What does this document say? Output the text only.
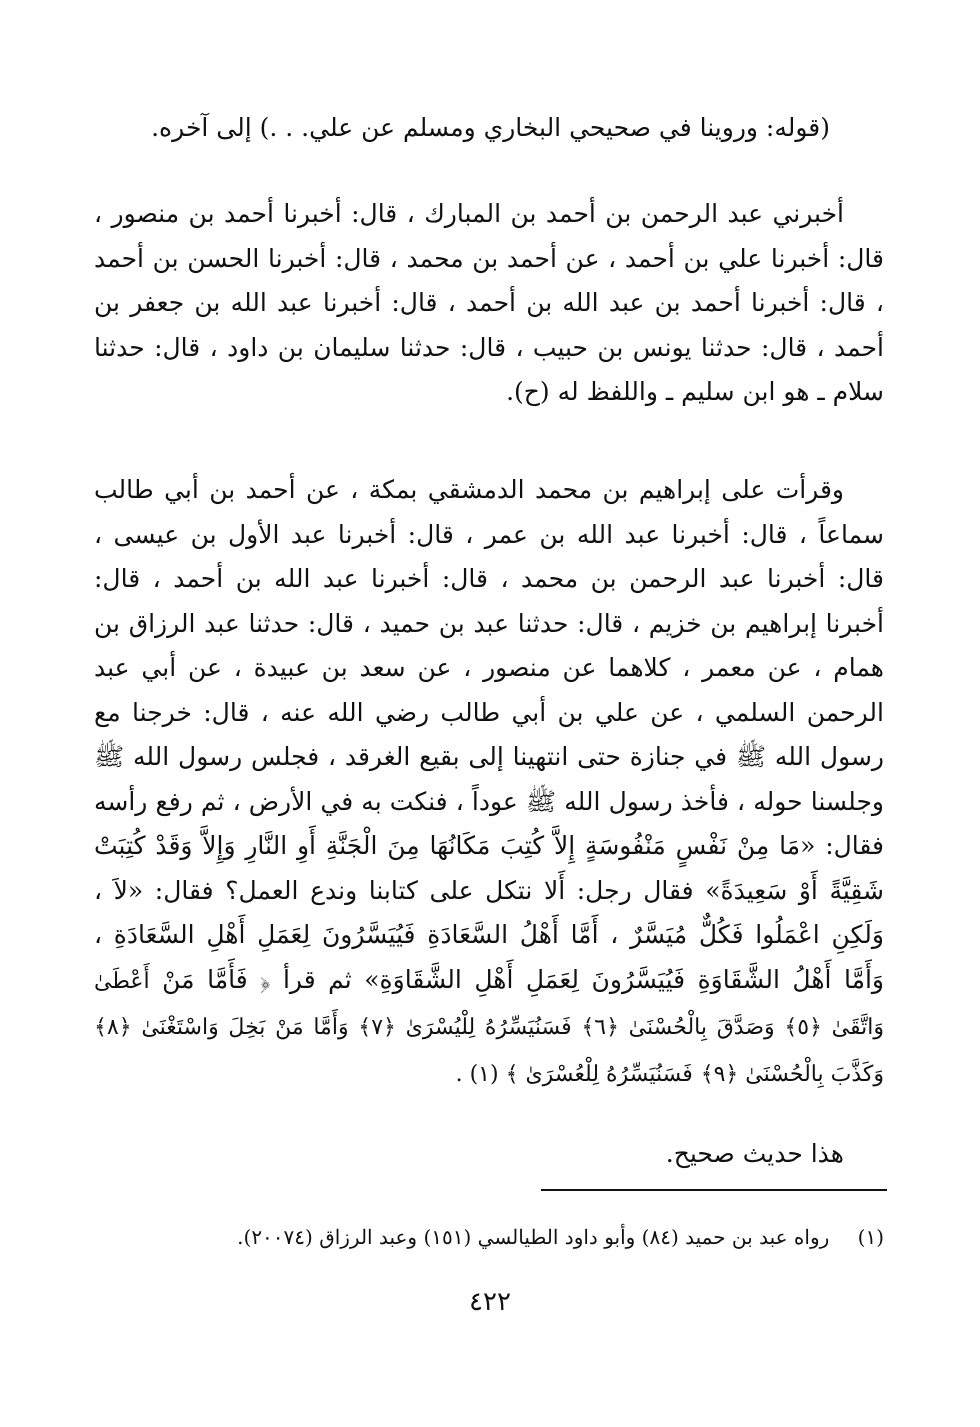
(قوله: وروينا في صحيحي البخاري ومسلم عن علي. . .) إلى آخره.
أخبرني عبد الرحمن بن أحمد بن المبارك ، قال: أخبرنا أحمد بن منصور ، قال: أخبرنا علي بن أحمد ، عن أحمد بن محمد ، قال: أخبرنا الحسن بن أحمد ، قال: أخبرنا أحمد بن عبد الله بن أحمد ، قال: أخبرنا عبد الله بن جعفر بن أحمد ، قال: حدثنا يونس بن حبيب ، قال: حدثنا سليمان بن داود ، قال: حدثنا سلام ـ هو ابن سليم ـ واللفظ له (ح).
وقرأت على إبراهيم بن محمد الدمشقي بمكة ، عن أحمد بن أبي طالب سماعاً ، قال: أخبرنا عبد الله بن عمر ، قال: أخبرنا عبد الأول بن عيسى ، قال: أخبرنا عبد الرحمن بن محمد ، قال: أخبرنا عبد الله بن أحمد ، قال: أخبرنا إبراهيم بن خزيم ، قال: حدثنا عبد بن حميد ، قال: حدثنا عبد الرزاق بن همام ، عن معمر ، كلاهما عن منصور ، عن سعد بن عبيدة ، عن أبي عبد الرحمن السلمي ، عن علي بن أبي طالب رضي الله عنه ، قال: خرجنا مع رسول الله ﷺ في جنازة حتى انتهينا إلى بقيع الغرقد ، فجلس رسول الله ﷺ وجلسنا حوله ، فأخذ رسول الله ﷺ عوداً ، فنكت به في الأرض ، ثم رفع رأسه فقال: «مَا مِنْ نَفْسٍ مَنْفُوسَةٍ إِلاَّ كُتِبَ مَكَانُهَا مِنَ الْجَنَّةِ أَوِ النَّارِ وَإِلاَّ وَقَدْ كُتِبَتْ شَقِيَّةً أَوْ سَعِيدَةً» فقال رجل: أَلا نتكل على كتابنا وندع العمل؟ فقال: «لاَ ، وَلَكِنِ اعْمَلُوا فَكُلٌّ مُيَسَّرٌ ، أَمَّا أَهْلُ السَّعَادَةِ فَيُيَسَّرُونَ لِعَمَلِ أَهْلِ السَّعَادَةِ ، وَأَمَّا أَهْلُ الشَّقَاوَةِ فَيُيَسَّرُونَ لِعَمَلِ أَهْلِ الشَّقَاوَةِ» ثم قرأ ﴿ فَأَمَّا مَنْ أَعْطَىٰ وَاتَّقَىٰ ﴿٥﴾ وَصَدَّقَ بِالْحُسْنَىٰ ﴿٦﴾ فَسَنُيَسِّرُهُ لِلْيُسْرَىٰ ﴿٧﴾ وَأَمَّا مَنْ بَخِلَ وَاسْتَغْنَىٰ ﴿٨﴾ وَكَذَّبَ بِالْحُسْنَىٰ ﴿٩﴾ فَسَنُيَسِّرُهُ لِلْعُسْرَىٰ ﴾ (١) .
هذا حديث صحيح.
(١) رواه عبد بن حميد (٨٤) وأبو داود الطيالسي (١٥١) وعبد الرزاق (٢٠٠٧٤).
٤٢٢
